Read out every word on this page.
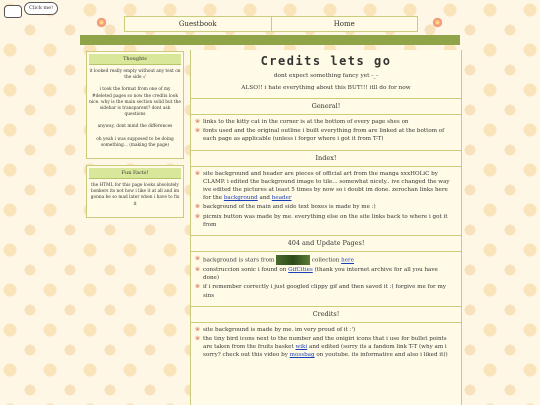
Click me!
Guestbook	Home
Thoughts

it looked really empty without any text on the side :/

i took the format from one of my #deleted pages so now the credits look nice. why is the main section solid but the sidebar is transparent? dont ask questions

anyway, dont mind the differences

oh yeah i was supposed to be doing something... (making the page)

Fun Facts!

the HTML for this page looks absolutely bonkers its not how i like it at all and im gonna be so mad later when i have to fix it

Credits lets go

dont expect something fancy yet -_-

ALSO!! i hate everything about this BUT!!! itll do for now

General!
❀ links to the kitty cat in the corner is at the bottom of every page shes on
❀ fonts used and the original outline i built everything from are linked at the bottom of each page as applicable (unless i forgor where i got it from T-T)
Index!
❀ site background and header are pieces of official art from the manga xxxHOLiC by CLAMP. i edited the background image to tile... somewhat nicely.. ive changed the way ive edited the pictures at least 5 times by now so i doubt im done. zerochan links here for the background and header
❀ background of the main and side text boxes is made by me :)
❀ picmix button was made by me. everything else on the site links back to where i got it from
404 and Update Pages!
❀ background is stars from	collection here
❀ construccion sonic i found on GifCities (thank you internet archive for all you have done)
❀ if i remember correctly i just googled clippy gif and then saved it :( forgive me for my sins
Credits!
❀ site background is made by me. im very proud of it :')
❀ the tiny bird icons next to the number and the onigiri icons that i use for bullet points are taken from the fruits basket wiki and edited (sorry its a fandom link T-T (why am i sorry? check out this video by mossbag on youtube. its informative and also i liked it))
